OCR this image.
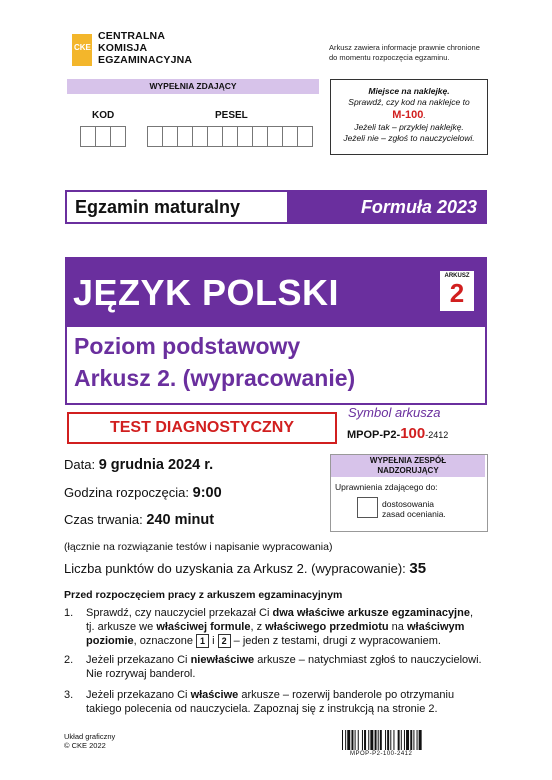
CKE
CENTRALNA
KOMISJA
EGZAMINACYJNA
Arkusz zawiera informacje prawnie chronione
do momentu rozpoczęcia egzaminu.
WYPEŁNIA ZDAJĄCY
KOD	PESEL
Miejsce na naklejkę.
Sprawdź, czy kod na naklejce to
M-100.
Jeżeli tak – przyklej naklejkę.
Jeżeli nie – zgłoś to nauczycielowi.
Egzamin maturalny	Formuła 2023
JĘZYK POLSKI	ARKUSZ
2
Poziom podstawowy
Arkusz 2. (wypracowanie)
TEST DIAGNOSTYCZNY
Symbol arkusza
MPOP-P2-100-2412
Data: 9 grudnia 2024 r.
Godzina rozpoczęcia: 9:00
Czas trwania: 240 minut
WYPEŁNIA ZESPÓŁ
NADZORUJĄCY
Uprawnienia zdającego do:
dostosowania
zasad oceniania.
(łącznie na rozwiązanie testów i napisanie wypracowania)
Liczba punktów do uzyskania za Arkusz 2. (wypracowanie): 35
Przed rozpoczęciem pracy z arkuszem egzaminacyjnym
1. Sprawdź, czy nauczyciel przekazał Ci dwa właściwe arkusze egzaminacyjne,
tj. arkusze we właściwej formule, z właściwego przedmiotu na właściwym
poziomie, oznaczone 1 i 2 – jeden z testami, drugi z wypracowaniem.
2. Jeżeli przekazano Ci niewłaściwe arkusze – natychmiast zgłoś to nauczycielowi.
Nie rozrywaj banderol.
3. Jeżeli przekazano Ci właściwe arkusze – rozerwij banderole po otrzymaniu
takiego polecenia od nauczyciela. Zapoznaj się z instrukcją na stronie 2.
Układ graficzny
© CKE 2022
MPOP-P2-100-2412
